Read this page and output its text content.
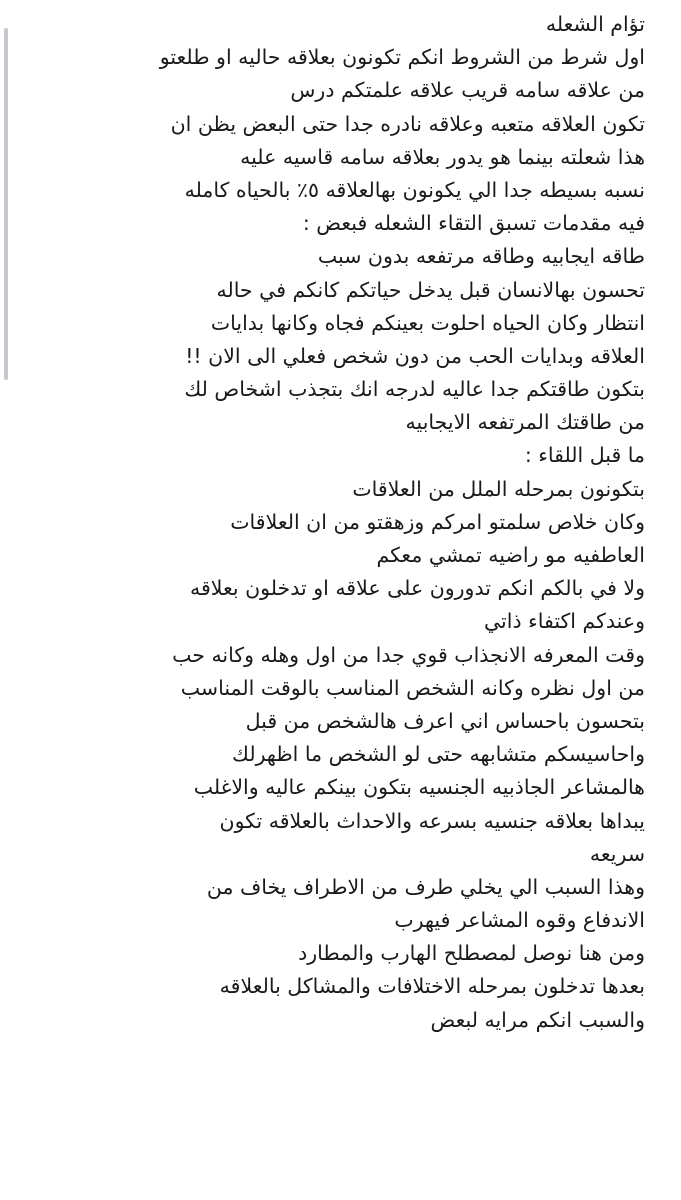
تؤام الشعله
اول شرط من الشروط انكم تكونون بعلاقه حاليه او طلعتو
من علاقه سامه قريب علاقه علمتكم درس
تكون العلاقه متعبه وعلاقه نادره جدا حتى البعض يظن ان
هذا شعلته بينما هو يدور بعلاقه سامه قاسيه عليه
نسبه بسيطه جدا الي يكونون بهالعلاقه ٥٪ بالحياه كامله
فيه مقدمات تسبق التقاء الشعله فبعض :
طاقه ايجابيه وطاقه مرتفعه بدون سبب
تحسون بهالانسان قبل يدخل حياتكم كانكم في حاله
انتظار وكان الحياه احلوت بعينكم فجاه وكانها بدايات
العلاقه وبدايات الحب من دون شخص فعلي الى الان !!
بتكون طاقتكم جدا عاليه لدرجه انك بتجذب اشخاص لك
من طاقتك المرتفعه الايجابيه
ما قبل اللقاء :
بتكونون بمرحله الملل من العلاقات
وكان خلاص سلمتو امركم وزهقتو من ان العلاقات
العاطفيه مو راضيه تمشي معكم
ولا في بالكم انكم تدورون على علاقه او تدخلون بعلاقه
وعندكم اكتفاء ذاتي
وقت المعرفه الانجذاب قوي جدا من اول وهله وكانه حب
من اول نظره وكانه الشخص المناسب بالوقت المناسب
بتحسون باحساس اني اعرف هالشخص من قبل
واحاسيسكم متشابهه حتى لو الشخص ما اظهرلك
هالمشاعر الجاذبيه الجنسيه بتكون بينكم عاليه والاغلب
يبداها بعلاقه جنسيه بسرعه والاحداث بالعلاقه تكون
سريعه
وهذا السبب الي يخلي طرف من الاطراف يخاف من
الاندفاع وقوه المشاعر فيهرب
ومن هنا نوصل لمصطلح الهارب والمطارد
بعدها تدخلون بمرحله الاختلافات والمشاكل بالعلاقه
والسبب انكم مرايه لبعض
